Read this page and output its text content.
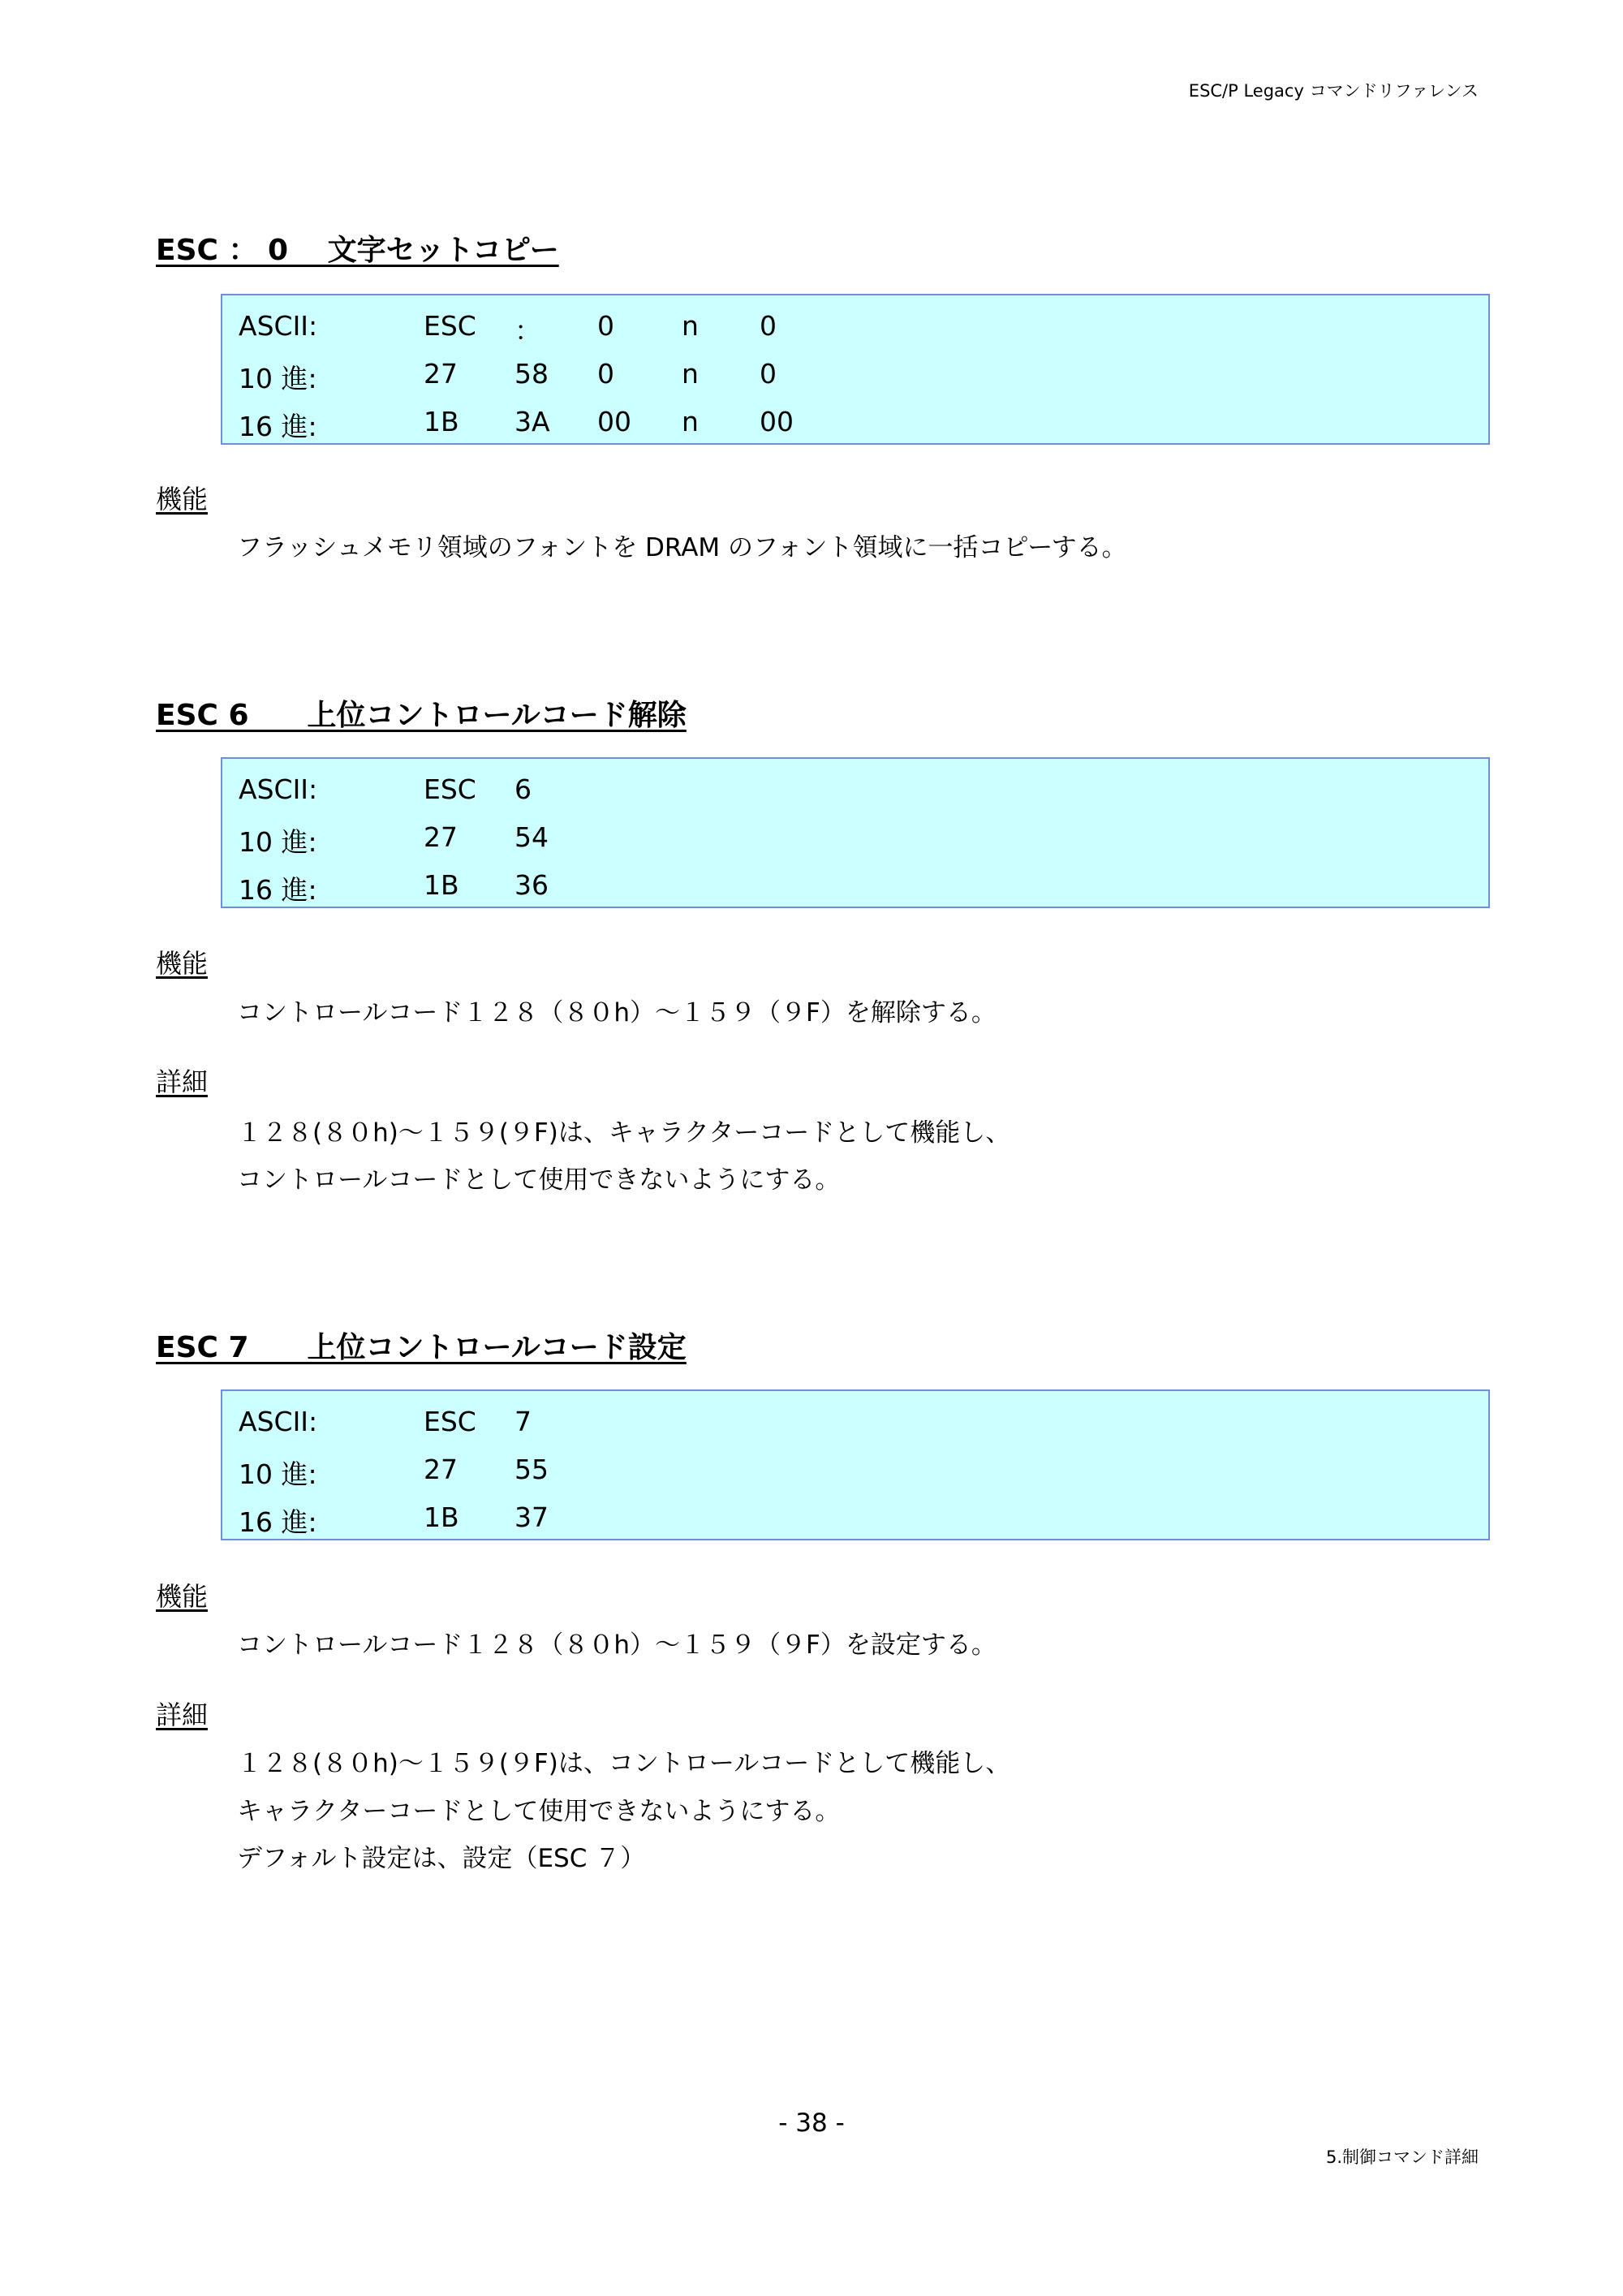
ESC/P Legacy コマンドリファレンス
ESC ： 0　 文字セットコピー
ASCII:	ESC ： 0	n 0
10 進:	27 58 0	n 0
16 進:	1B 3A 00 n 00
機能
フラッシュメモリ領域のフォントを DRAM のフォント領域に一括コピーする。
ESC 6　　上位コントロールコード解除
ASCII:	ESC 6
10 進:	27 54
16 進:	1B 36
機能
コントロールコード１２８（８０h）～１５９（９F）を解除する。
詳細
１２８(８０h)～１５９(９F)は、キャラクターコードとして機能し、
コントロールコードとして使用できないようにする。
ESC 7　　上位コントロールコード設定
ASCII:	ESC 7
10 進:	27 55
16 進:	1B 37
機能
コントロールコード１２８（８０h）～１５９（９F）を設定する。
詳細
１２８(８０h)～１５９(９F)は、コントロールコードとして機能し、
キャラクターコードとして使用できないようにする。
デフォルト設定は、設定（ESC ７）
- 38 -
5.制御コマンド詳細
